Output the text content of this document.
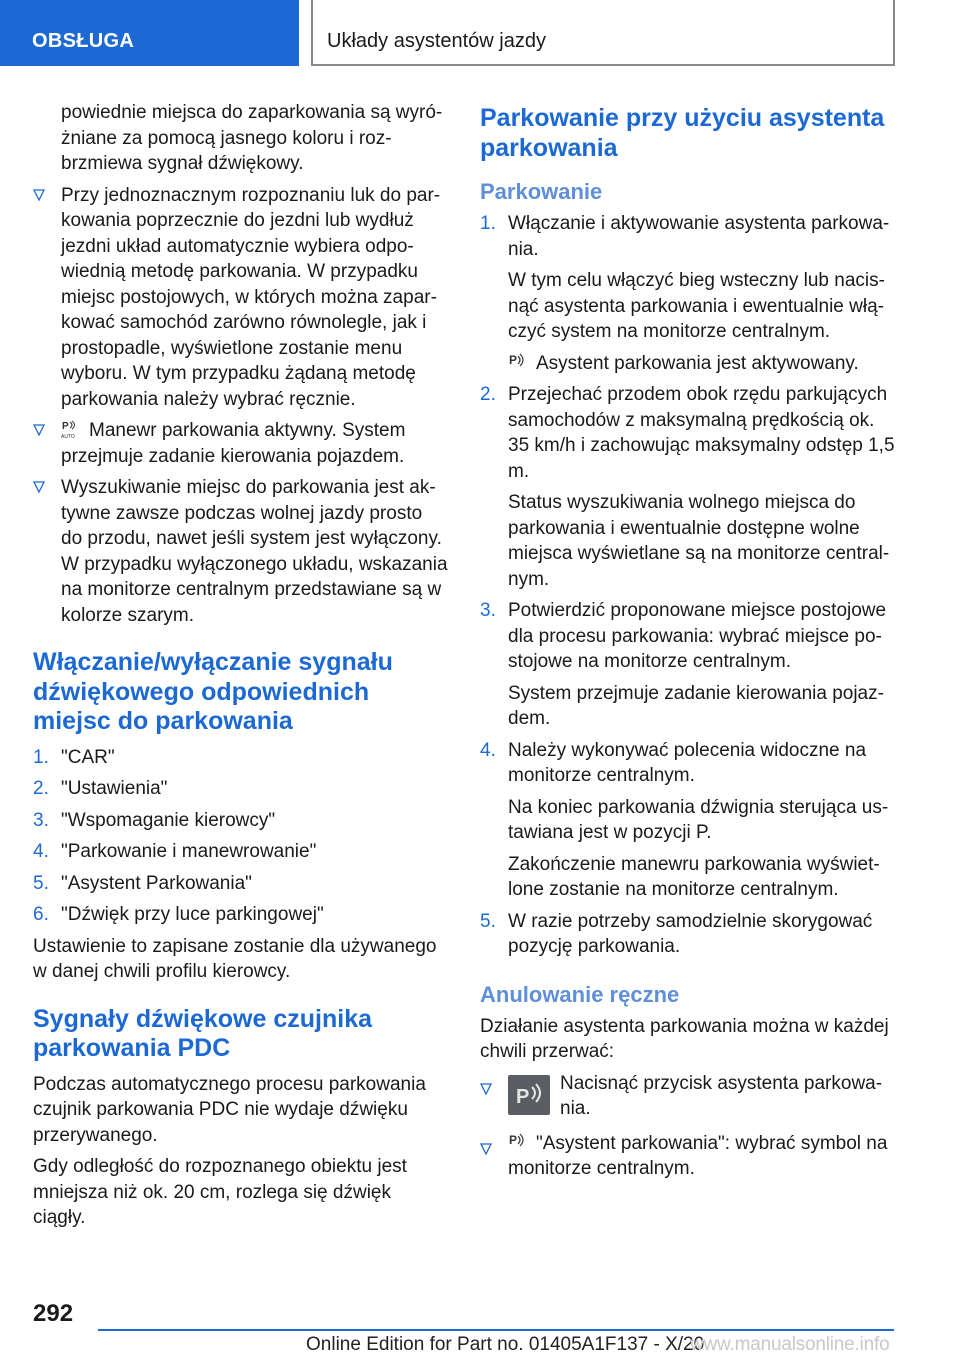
OBSŁUGA	Układy asystentów jazdy

powiednie miejsca do zaparkowania są wyró‐żniane za pomocą jasnego koloru i roz‐brzmiewa sygnał dźwiękowy.

Przy jednoznacznym rozpoznaniu luk do par‐kowania poprzecznie do jezdni lub wydłuż jezdni układ automatycznie wybiera odpo‐wiednią metodę parkowania. W przypadku miejsc postojowych, w których można zapar‐kować samochód zarówno równolegle, jak i prostopadle, wyświetlone zostanie menu wyboru. W tym przypadku żądaną metodę parkowania należy wybrać ręcznie.
P
AUTO Manewr parkowania aktywny. System przejmuje zadanie kierowania pojazdem.
Wyszukiwanie miejsc do parkowania jest ak‐tywne zawsze podczas wolnej jazdy prosto do przodu, nawet jeśli system jest wyłączony. W przypadku wyłączonego układu, wskazania na monitorze centralnym przedstawiane są w kolorze szarym.
Włączanie/wyłączanie sygnału dźwiękowego odpowiednich miejsc do parkowania
1. "CAR"
2. "Ustawienia"
3. "Wspomaganie kierowcy"
4. "Parkowanie i manewrowanie"
5. "Asystent Parkowania"
6. "Dźwięk przy luce parkingowej"

Ustawienie to zapisane zostanie dla używanego w danej chwili profilu kierowcy.

Sygnały dźwiękowe czujnika parkowania PDC

Podczas automatycznego procesu parkowania czujnik parkowania PDC nie wydaje dźwięku przerywanego.

Gdy odległość do rozpoznanego obiektu jest mniejsza niż ok. 20 cm, rozlega się dźwięk ciągły.

Parkowanie przy użyciu asystenta parkowania
Parkowanie
1. Włączanie i aktywowanie asystenta parkowa‐nia.
W tym celu włączyć bieg wsteczny lub nacis‐nąć asystenta parkowania i ewentualnie włą‐czyć system na monitorze centralnym.
P Asystent parkowania jest aktywowany.
2. Przejechać przodem obok rzędu parkujących samochodów z maksymalną prędkością ok. 35 km/h i zachowując maksymalny odstęp 1,5 m.
Status wyszukiwania wolnego miejsca do parkowania i ewentualnie dostępne wolne miejsca wyświetlane są na monitorze central‐nym.
3. Potwierdzić proponowane miejsce postojowe dla procesu parkowania: wybrać miejsce po‐stojowe na monitorze centralnym.
System przejmuje zadanie kierowania pojaz‐dem.
4. Należy wykonywać polecenia widoczne na monitorze centralnym.
Na koniec parkowania dźwignia sterująca us‐tawiana jest w pozycji P.
Zakończenie manewru parkowania wyświet‐lone zostanie na monitorze centralnym.
5. W razie potrzeby samodzielnie skorygować pozycję parkowania.
Anulowanie ręczne

Działanie asystenta parkowania można w każdej chwili przerwać:

P
Nacisnąć przycisk asystenta parkowa‐nia.
P "Asystent parkowania": wybrać symbol na monitorze centralnym.
292
Online Edition for Part no. 01405A1F137 - X/20
www.manualsonline.info
